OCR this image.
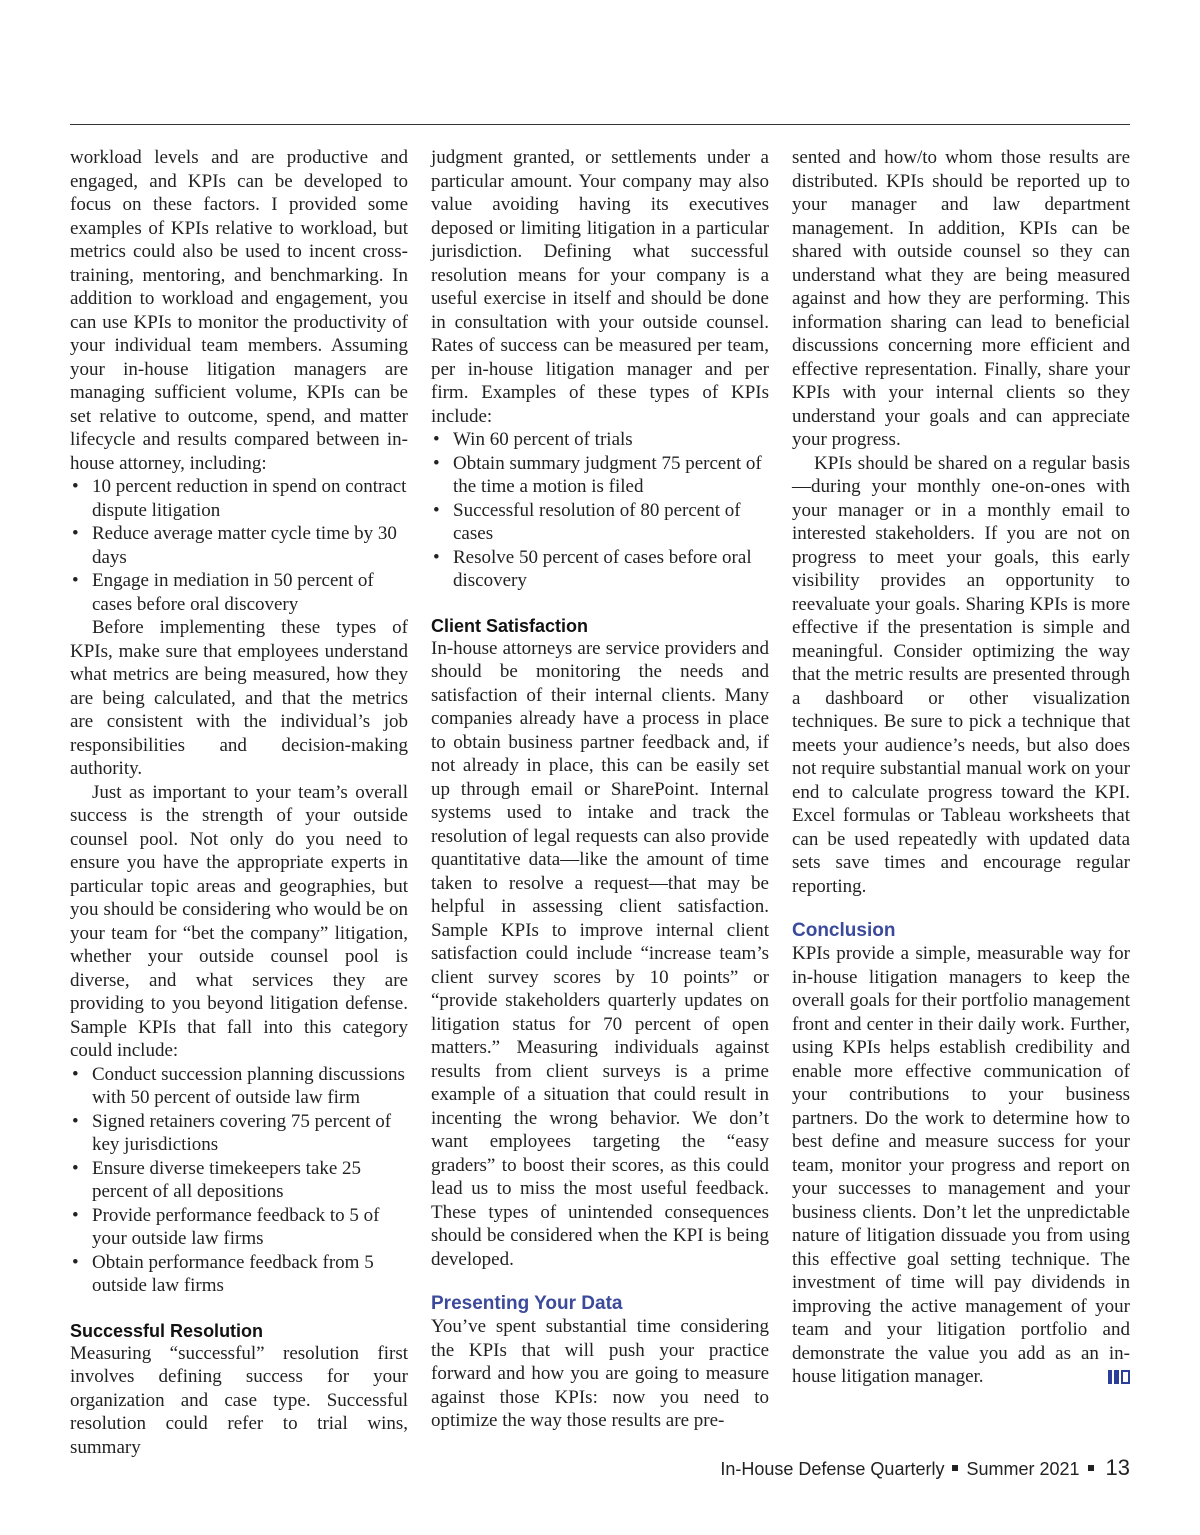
workload levels and are productive and engaged, and KPIs can be developed to focus on these factors. I provided some examples of KPIs relative to workload, but metrics could also be used to incent cross-training, mentoring, and benchmarking. In addition to workload and engagement, you can use KPIs to monitor the productivity of your individual team members. Assuming your in-house litigation managers are managing sufficient volume, KPIs can be set relative to outcome, spend, and matter lifecycle and results compared between in-house attorney, including:

• 10 percent reduction in spend on contract dispute litigation
• Reduce average matter cycle time by 30 days
• Engage in mediation in 50 percent of cases before oral discovery

Before implementing these types of KPIs, make sure that employees understand what metrics are being measured, how they are being calculated, and that the metrics are consistent with the individual’s job responsibilities and decision-making authority.

Just as important to your team’s overall success is the strength of your outside counsel pool. Not only do you need to ensure you have the appropriate experts in particular topic areas and geographies, but you should be considering who would be on your team for “bet the company” litigation, whether your outside counsel pool is diverse, and what services they are providing to you beyond litigation defense. Sample KPIs that fall into this category could include:

• Conduct succession planning discussions with 50 percent of outside law firm
• Signed retainers covering 75 percent of key jurisdictions
• Ensure diverse timekeepers take 25 percent of all depositions
• Provide performance feedback to 5 of your outside law firms
• Obtain performance feedback from 5 outside law firms
Successful Resolution

Measuring “successful” resolution first involves defining success for your organization and case type. Successful resolution could refer to trial wins, summary

judgment granted, or settlements under a particular amount. Your company may also value avoiding having its executives deposed or limiting litigation in a particular jurisdiction. Defining what successful resolution means for your company is a useful exercise in itself and should be done in consultation with your outside counsel. Rates of success can be measured per team, per in-house litigation manager and per firm. Examples of these types of KPIs include:

• Win 60 percent of trials
• Obtain summary judgment 75 percent of the time a motion is filed
• Successful resolution of 80 percent of cases
• Resolve 50 percent of cases before oral discovery
Client Satisfaction

In-house attorneys are service providers and should be monitoring the needs and satisfaction of their internal clients. Many companies already have a process in place to obtain business partner feedback and, if not already in place, this can be easily set up through email or SharePoint. Internal systems used to intake and track the resolution of legal requests can also provide quantitative data—like the amount of time taken to resolve a request—that may be helpful in assessing client satisfaction. Sample KPIs to improve internal client satisfaction could include “increase team’s client survey scores by 10 points” or “provide stakeholders quarterly updates on litigation status for 70 percent of open matters.” Measuring individuals against results from client surveys is a prime example of a situation that could result in incenting the wrong behavior. We don’t want employees targeting the “easy graders” to boost their scores, as this could lead us to miss the most useful feedback. These types of unintended consequences should be considered when the KPI is being developed.

Presenting Your Data

You’ve spent substantial time considering the KPIs that will push your practice forward and how you are going to measure against those KPIs: now you need to optimize the way those results are pre-

sented and how/to whom those results are distributed. KPIs should be reported up to your manager and law department management. In addition, KPIs can be shared with outside counsel so they can understand what they are being measured against and how they are performing. This information sharing can lead to beneficial discussions concerning more efficient and effective representation. Finally, share your KPIs with your internal clients so they understand your goals and can appreciate your progress.

KPIs should be shared on a regular basis—during your monthly one-on-ones with your manager or in a monthly email to interested stakeholders. If you are not on progress to meet your goals, this early visibility provides an opportunity to reevaluate your goals. Sharing KPIs is more effective if the presentation is simple and meaningful. Consider optimizing the way that the metric results are presented through a dashboard or other visualization techniques. Be sure to pick a technique that meets your audience’s needs, but also does not require substantial manual work on your end to calculate progress toward the KPI. Excel formulas or Tableau worksheets that can be used repeatedly with updated data sets save times and encourage regular reporting.

Conclusion

KPIs provide a simple, measurable way for in-house litigation managers to keep the overall goals for their portfolio management front and center in their daily work. Further, using KPIs helps establish credibility and enable more effective communication of your contributions to your business partners. Do the work to determine how to best define and measure success for your team, monitor your progress and report on your successes to management and your business clients. Don’t let the unpredictable nature of litigation dissuade you from using this effective goal setting technique. The investment of time will pay dividends in improving the active management of your team and your litigation portfolio and demonstrate the value you add as an in-house litigation manager.

In-House Defense Quarterly Summer 2021 13
